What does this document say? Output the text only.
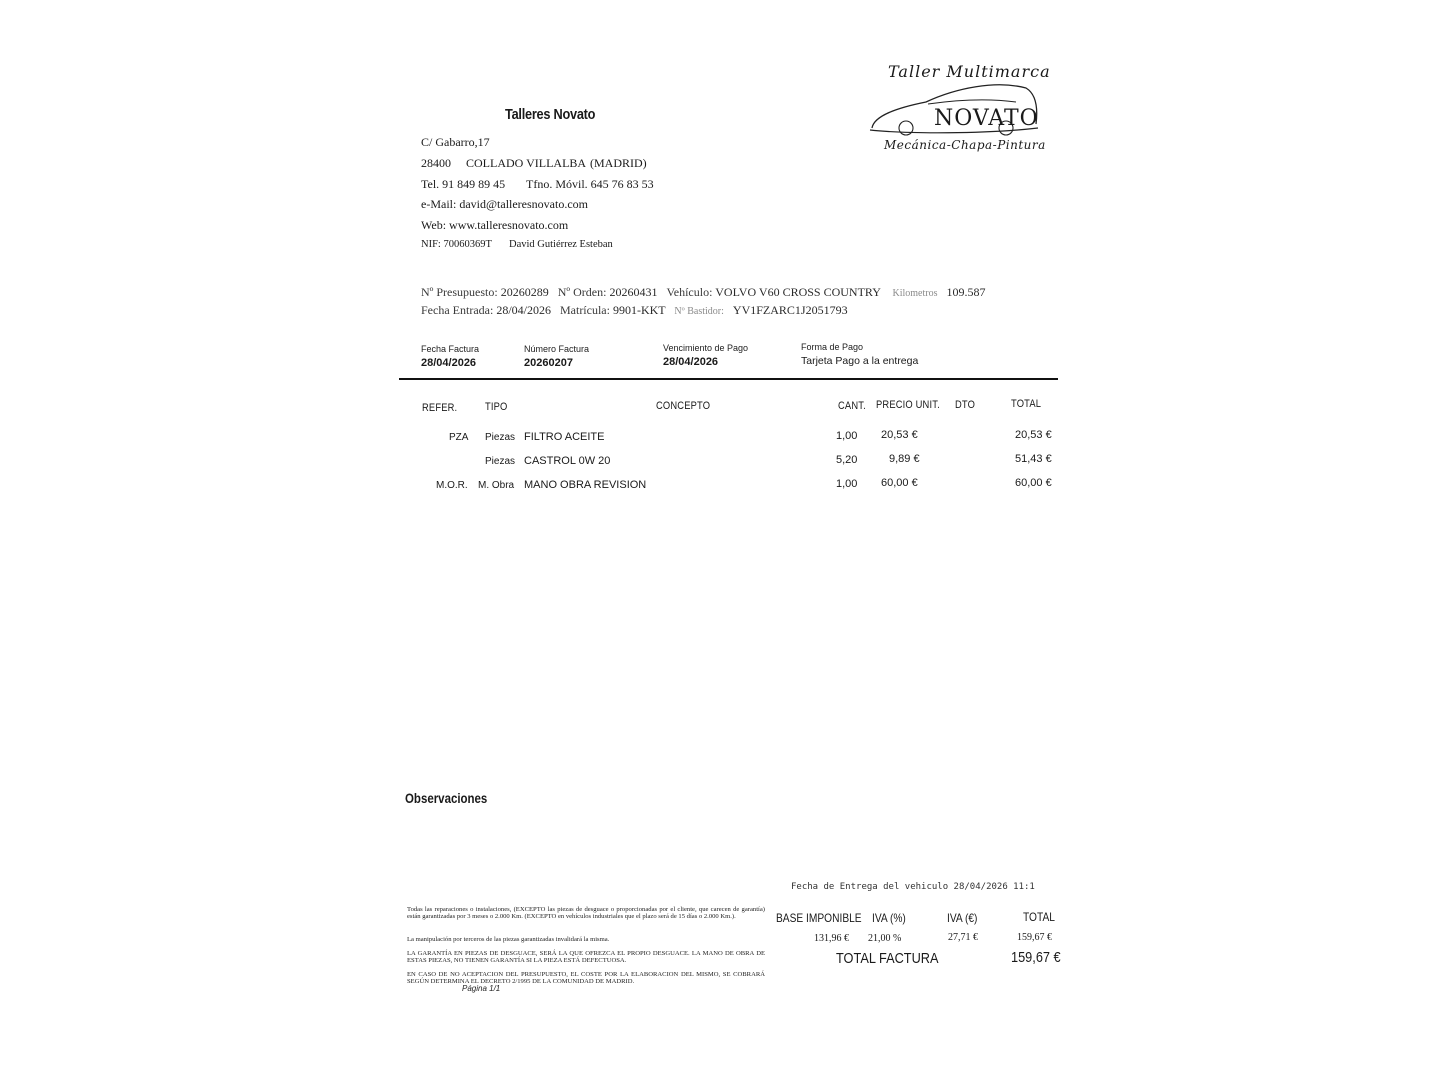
Talleres Novato
C/ Gabarro,17
28400 COLLADO VILLALBA (MADRID)
Tel. 91 849 89 45 Tfno. Móvil. 645 76 83 53
e-Mail: david@talleresnovato.com
Web: www.talleresnovato.com
NIF: 70060369T David Gutiérrez Esteban
Taller Multimarca
NOVATO
Mecánica-Chapa-Pintura
Nº Presupuesto: 20260289 Nº Orden: 20260431 Vehículo: VOLVO V60 CROSS COUNTRY Kilometros 109.587
Fecha Entrada: 28/04/2026 Matrícula: 9901-KKT Nº Bastidor: YV1FZARC1J2051793
Fecha Factura
28/04/2026
Número Factura
20260207
Vencimiento de Pago
28/04/2026
Forma de Pago
Tarjeta Pago a la entrega
REFER.	TIPO	CONCEPTO	CANT. PRECIO UNIT. DTO	TOTAL
PZA Piezas FILTRO ACEITE	1,00 20,53 €	20,53 €
Piezas CASTROL 0W 20	5,20	9,89 €	51,43 €
M.O.R. M. Obra MANO OBRA REVISION	1,00 60,00 €	60,00 €
Observaciones
Fecha de Entrega del vehiculo 28/04/2026 11:1
Todas las reparaciones o instalaciones, (EXCEPTO las piezas de desguace o proporcionadas por el cliente, que carecen de garantía) están garantizadas por 3 meses o 2.000 Km. (EXCEPTO en vehículos industriales que el plazo será de 15 días o 2.000 Km.).
La manipulación por terceros de las piezas garantizadas invalidará la misma.
LA GARANTÍA EN PIEZAS DE DESGUACE, SERÁ LA QUE OFREZCA EL PROPIO DESGUACE. LA MANO DE OBRA DE ESTAS PIEZAS, NO TIENEN GARANTÍA SI LA PIEZA ESTÁ DEFECTUOSA.
EN CASO DE NO ACEPTACION DEL PRESUPUESTO, EL COSTE POR LA ELABORACION DEL MISMO, SE COBRARÁ SEGÚN DETERMINA EL DECRETO 2/1995 DE LA COMUNIDAD DE MADRID.
Página 1/1
BASE IMPONIBLE IVA (%)	IVA (€)	TOTAL
131,96 € 21,00 %	27,71 €	159,67 €
TOTAL FACTURA	159,67 €
